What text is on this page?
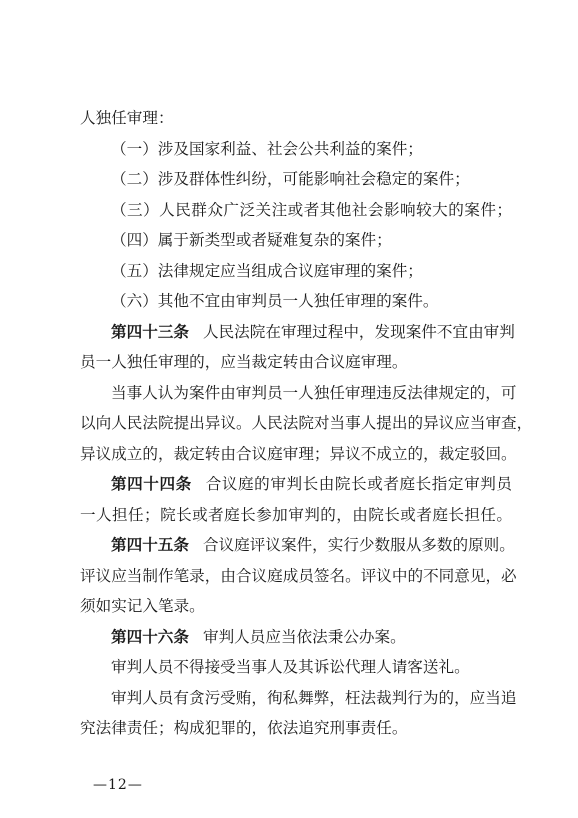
人独任审理：
（一）涉及国家利益、社会公共利益的案件；
（二）涉及群体性纠纷，可能影响社会稳定的案件；
（三）人民群众广泛关注或者其他社会影响较大的案件；
（四）属于新类型或者疑难复杂的案件；
（五）法律规定应当组成合议庭审理的案件；
（六）其他不宜由审判员一人独任审理的案件。
第四十三条 人民法院在审理过程中，发现案件不宜由审判
员一人独任审理的，应当裁定转由合议庭审理。
当事人认为案件由审判员一人独任审理违反法律规定的，可
以向人民法院提出异议。人民法院对当事人提出的异议应当审查，
异议成立的，裁定转由合议庭审理；异议不成立的，裁定驳回。
第四十四条 合议庭的审判长由院长或者庭长指定审判员
一人担任；院长或者庭长参加审判的，由院长或者庭长担任。
第四十五条 合议庭评议案件，实行少数服从多数的原则。
评议应当制作笔录，由合议庭成员签名。评议中的不同意见，必
须如实记入笔录。
第四十六条 审判人员应当依法秉公办案。
审判人员不得接受当事人及其诉讼代理人请客送礼。
审判人员有贪污受贿，徇私舞弊，枉法裁判行为的，应当追
究法律责任；构成犯罪的，依法追究刑事责任。
—12—
